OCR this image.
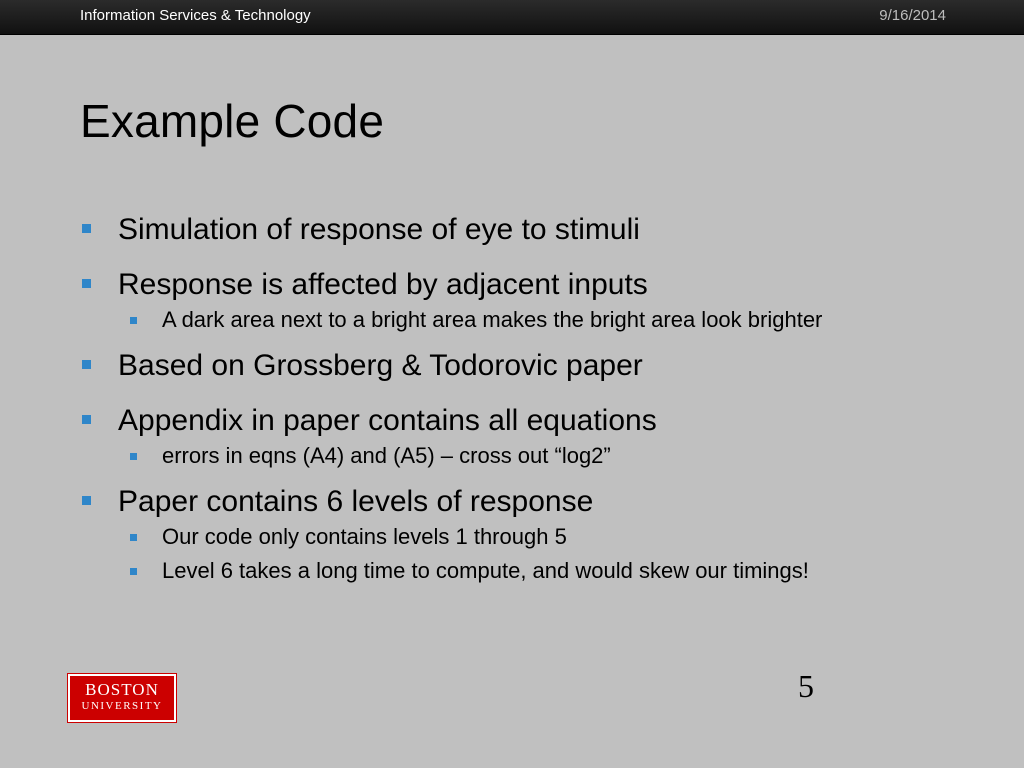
Information Services & Technology	9/16/2014
Example Code
Simulation of response of eye to stimuli
Response is affected by adjacent inputs
A dark area next to a bright area makes the bright area look brighter
Based on Grossberg & Todorovic paper
Appendix in paper contains all equations
errors in eqns (A4) and (A5) – cross out “log2”
Paper contains 6 levels of response
Our code only contains levels 1 through 5
Level 6 takes a long time to compute, and would skew our timings!
BOSTON
UNIVERSITY
5
